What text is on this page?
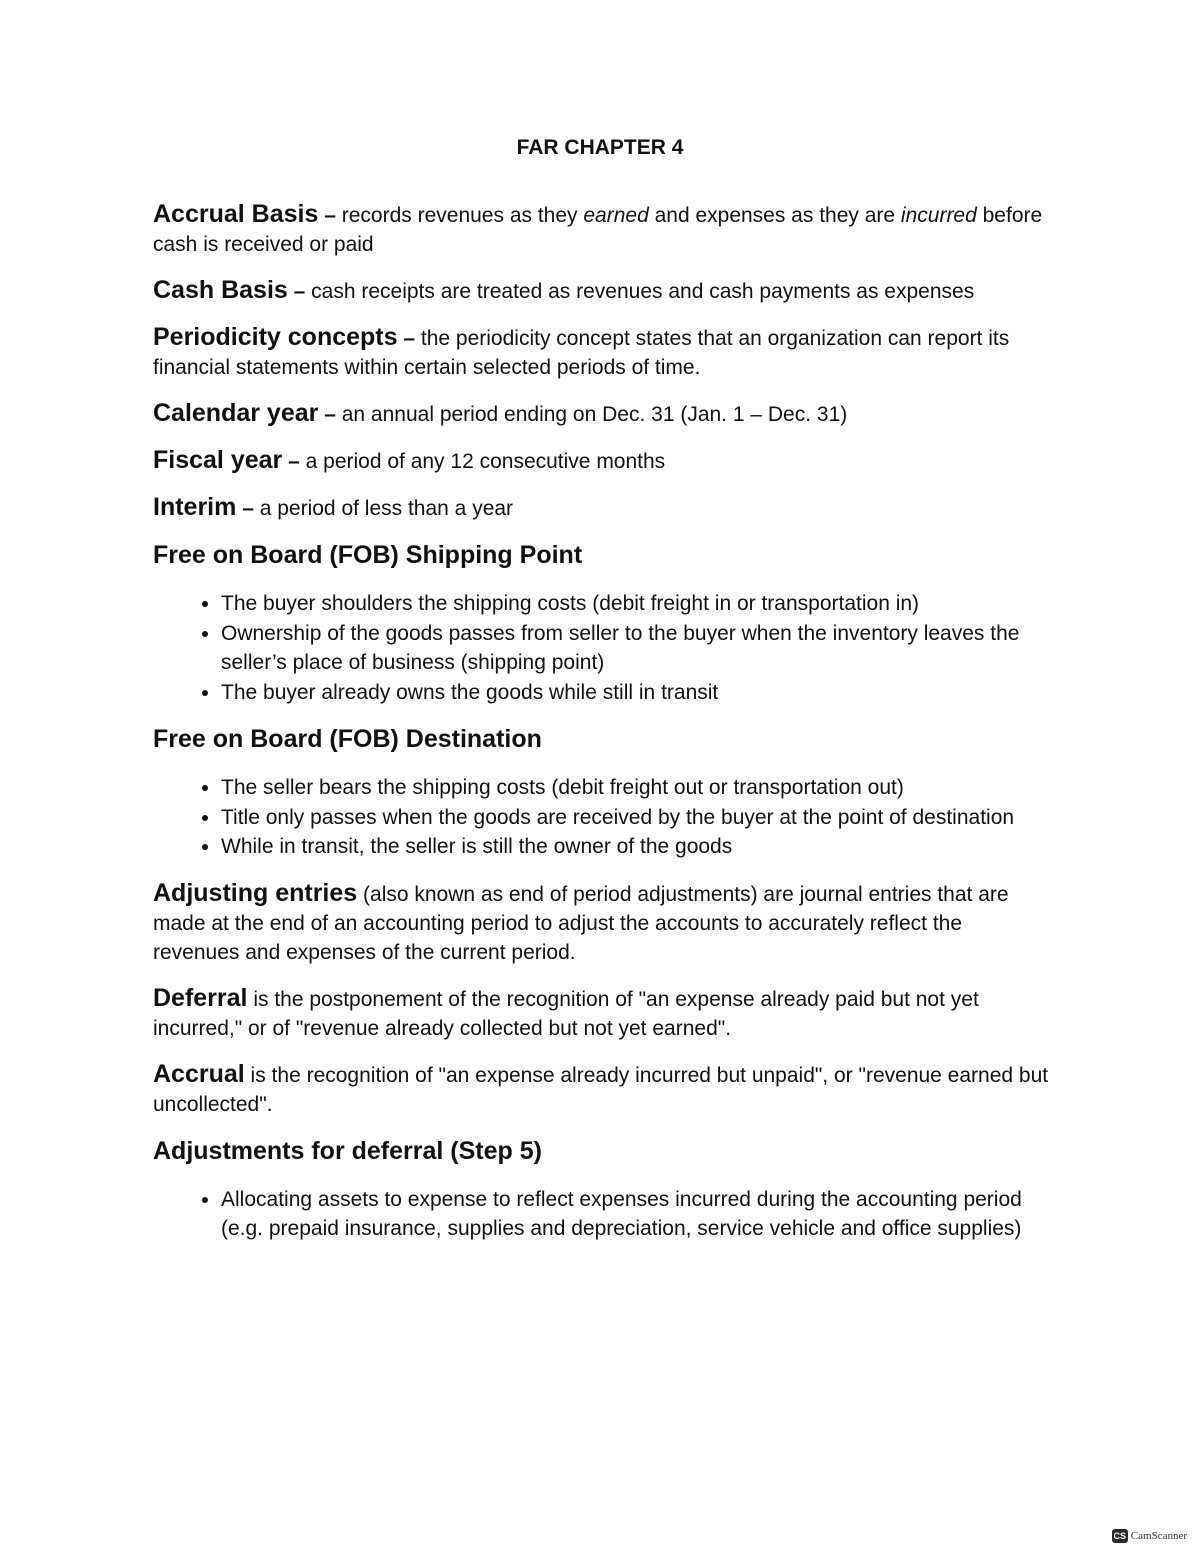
FAR CHAPTER 4

Accrual Basis – records revenues as they earned and expenses as they are incurred before cash is received or paid

Cash Basis – cash receipts are treated as revenues and cash payments as expenses

Periodicity concepts – the periodicity concept states that an organization can report its financial statements within certain selected periods of time.

Calendar year – an annual period ending on Dec. 31 (Jan. 1 – Dec. 31)

Fiscal year – a period of any 12 consecutive months

Interim – a period of less than a year

Free on Board (FOB) Shipping Point
• The buyer shoulders the shipping costs (debit freight in or transportation in)
• Ownership of the goods passes from seller to the buyer when the inventory leaves the seller’s place of business (shipping point)
• The buyer already owns the goods while still in transit
Free on Board (FOB) Destination
• The seller bears the shipping costs (debit freight out or transportation out)
• Title only passes when the goods are received by the buyer at the point of destination
• While in transit, the seller is still the owner of the goods

Adjusting entries (also known as end of period adjustments) are journal entries that are made at the end of an accounting period to adjust the accounts to accurately reflect the revenues and expenses of the current period.

Deferral is the postponement of the recognition of "an expense already paid but not yet incurred," or of "revenue already collected but not yet earned".

Accrual is the recognition of "an expense already incurred but unpaid", or "revenue earned but uncollected".

Adjustments for deferral (Step 5)
• Allocating assets to expense to reflect expenses incurred during the accounting period (e.g. prepaid insurance, supplies and depreciation, service vehicle and office supplies)
CS CamScanner
